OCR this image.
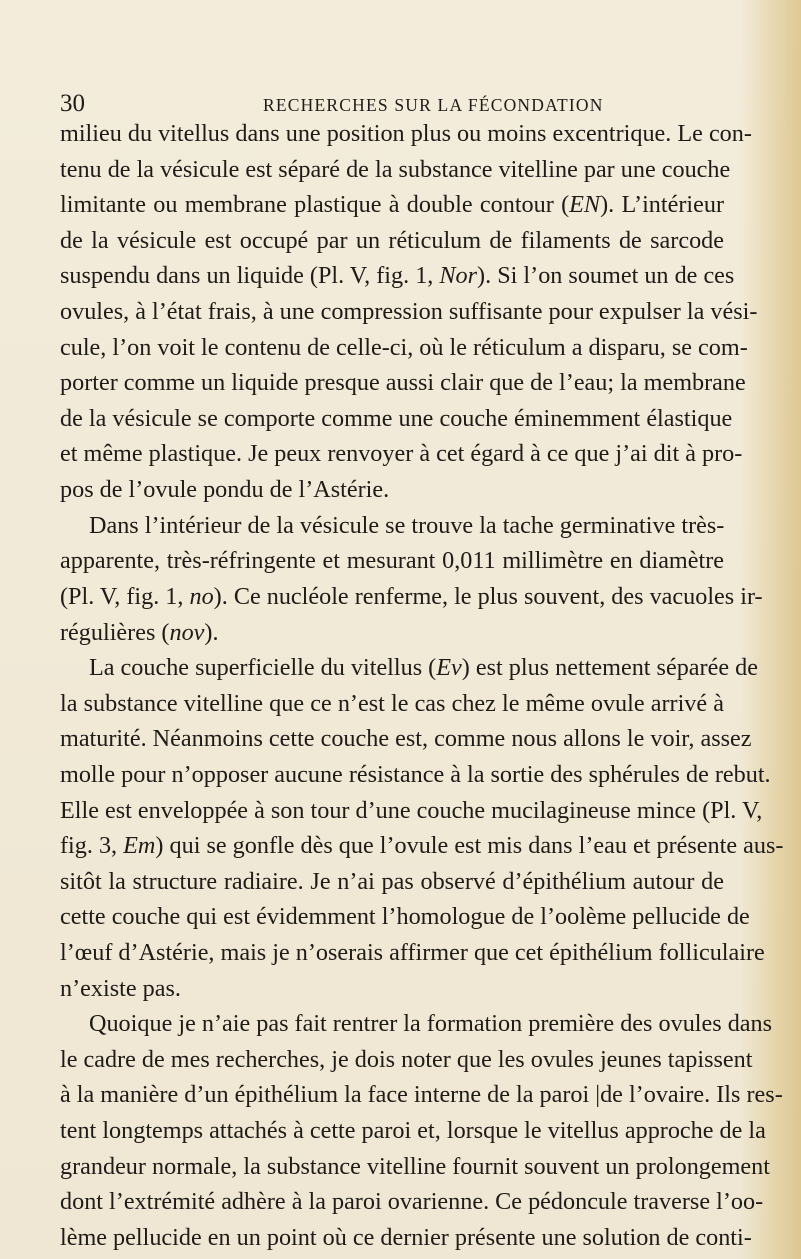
30	RECHERCHES SUR LA FÉCONDATION
milieu du vitellus dans une position plus ou moins excentrique. Le con-
tenu de la vésicule est séparé de la substance vitelline par une couche
limitante ou membrane plastique à double contour (EN). L’intérieur
de la vésicule est occupé par un réticulum de filaments de sarcode
suspendu dans un liquide (Pl. V, fig. 1, Nor). Si l’on soumet un de ces
ovules, à l’état frais, à une compression suffisante pour expulser la vési-
cule, l’on voit le contenu de celle-ci, où le réticulum a disparu, se com-
porter comme un liquide presque aussi clair que de l’eau; la membrane
de la vésicule se comporte comme une couche éminemment élastique
et même plastique. Je peux renvoyer à cet égard à ce que j’ai dit à pro-
pos de l’ovule pondu de l’Astérie.
Dans l’intérieur de la vésicule se trouve la tache germinative très-
apparente, très-réfringente et mesurant 0,011 millimètre en diamètre
(Pl. V, fig. 1, no). Ce nucléole renferme, le plus souvent, des vacuoles ir-
régulières (nov).
La couche superficielle du vitellus (Ev) est plus nettement séparée de
la substance vitelline que ce n’est le cas chez le même ovule arrivé à
maturité. Néanmoins cette couche est, comme nous allons le voir, assez
molle pour n’opposer aucune résistance à la sortie des sphérules de rebut.
Elle est enveloppée à son tour d’une couche mucilagineuse mince (Pl. V,
fig. 3, Em) qui se gonfle dès que l’ovule est mis dans l’eau et présente aus-
sitôt la structure radiaire. Je n’ai pas observé d’épithélium autour de
cette couche qui est évidemment l’homologue de l’oolème pellucide de
l’œuf d’Astérie, mais je n’oserais affirmer que cet épithélium folliculaire
n’existe pas.
Quoique je n’aie pas fait rentrer la formation première des ovules dans
le cadre de mes recherches, je dois noter que les ovules jeunes tapissent
à la manière d’un épithélium la face interne de la paroi |de l’ovaire. Ils res-
tent longtemps attachés à cette paroi et, lorsque le vitellus approche de la
grandeur normale, la substance vitelline fournit souvent un prolongement
dont l’extrémité adhère à la paroi ovarienne. Ce pédoncule traverse l’oo-
lème pellucide en un point où ce dernier présente une solution de conti-
